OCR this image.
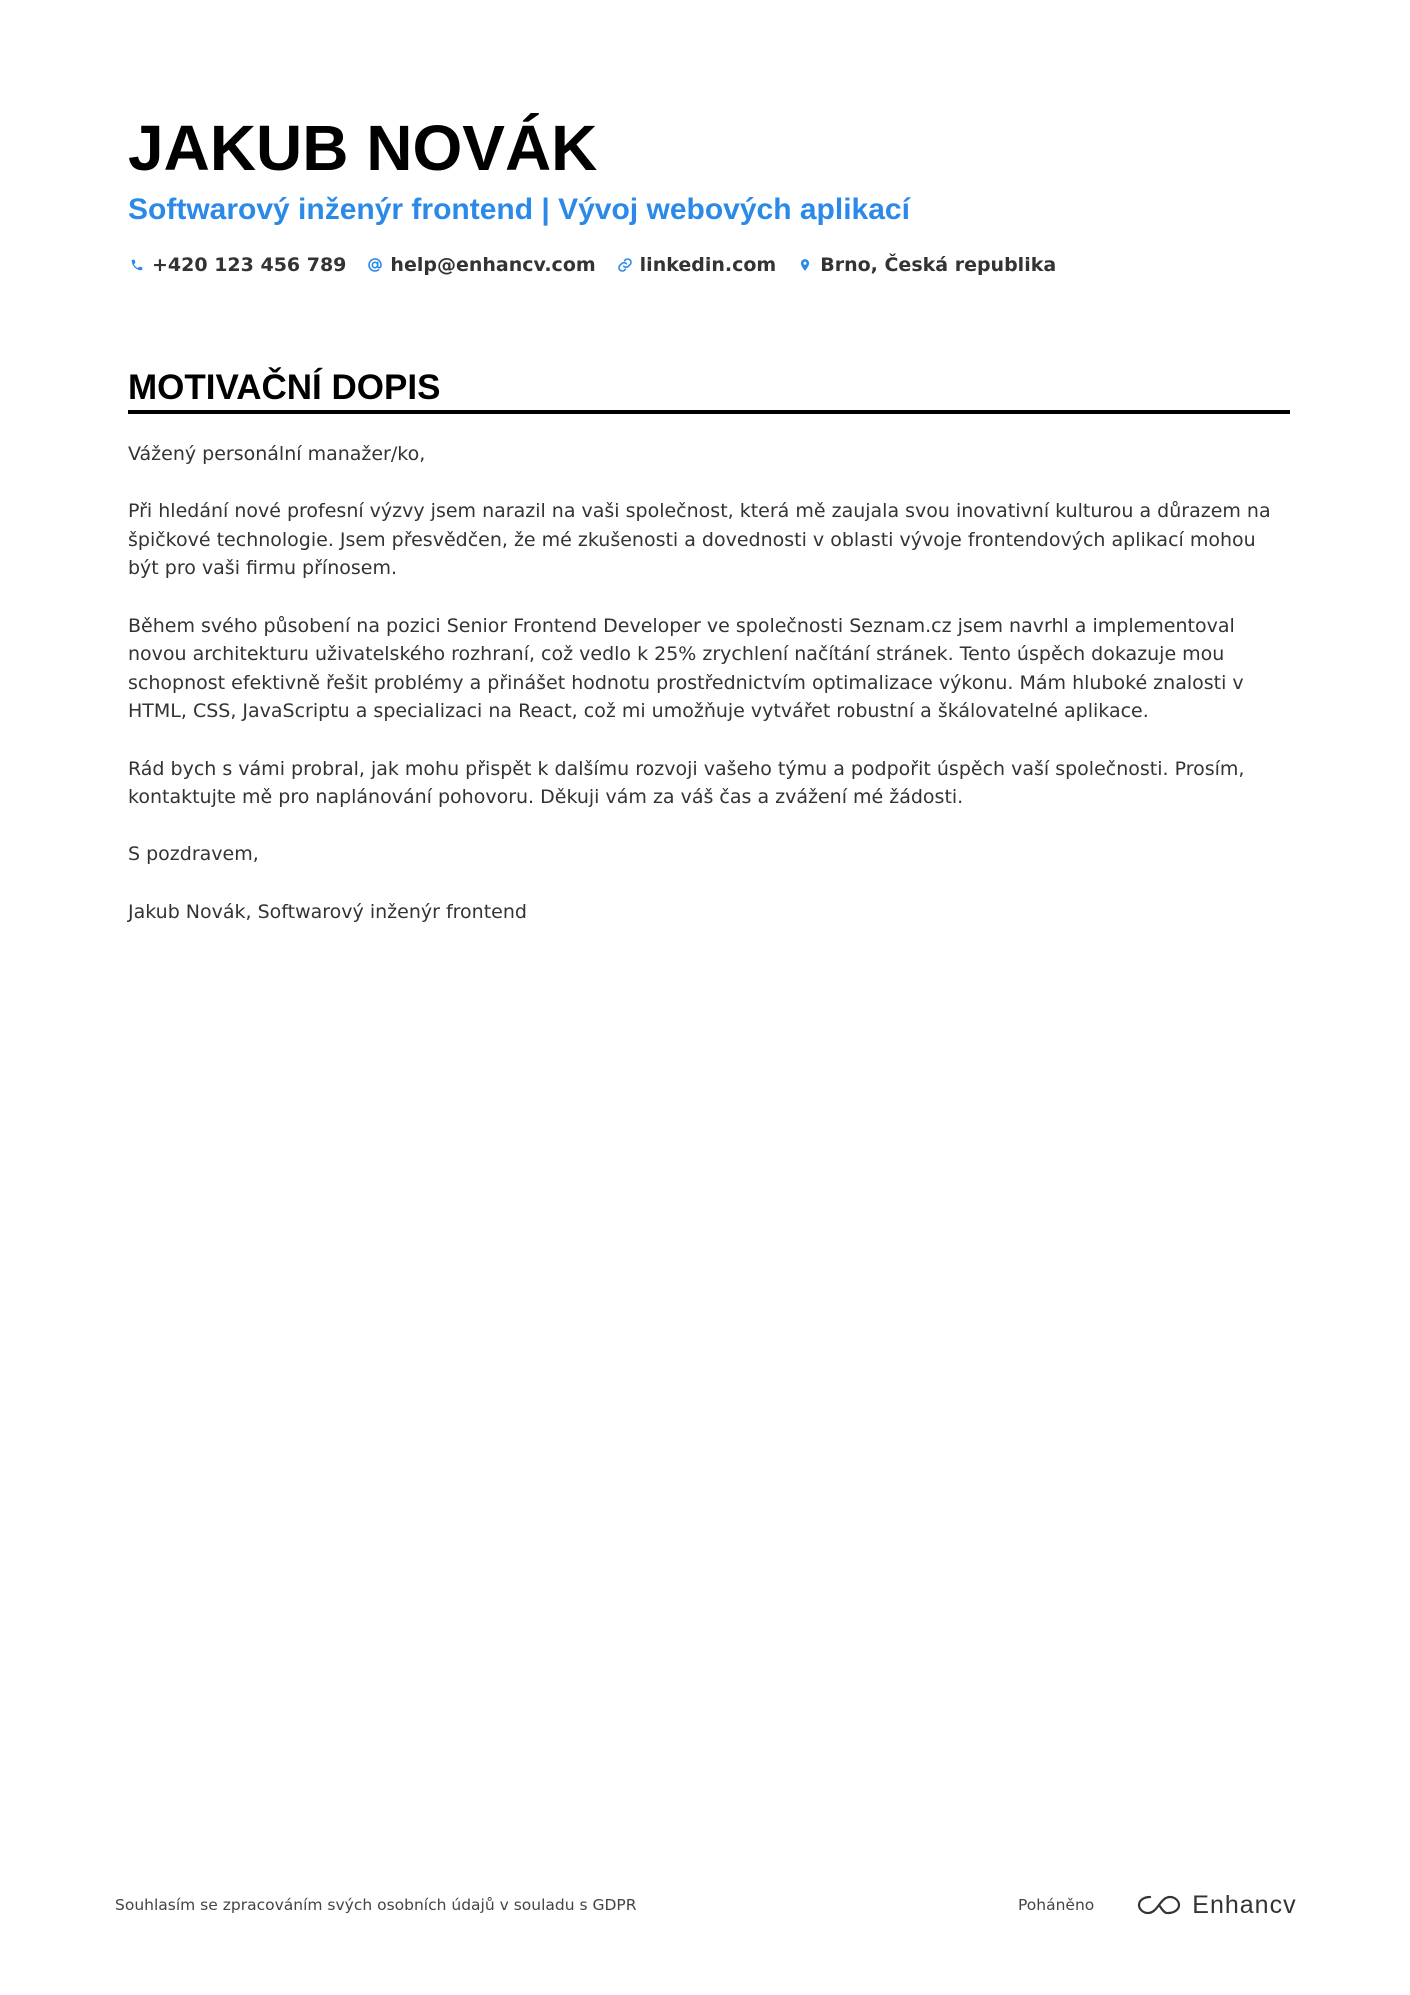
JAKUB NOVÁK
Softwarový inženýr frontend | Vývoj webových aplikací
+420 123 456 789 help@enhancv.com linkedin.com Brno, Česká republika
MOTIVAČNÍ DOPIS

Vážený personální manažer/ko,

Při hledání nové profesní výzvy jsem narazil na vaši společnost, která mě zaujala svou inovativní kulturou a důrazem na špičkové technologie. Jsem přesvědčen, že mé zkušenosti a dovednosti v oblasti vývoje frontendových aplikací mohou být pro vaši firmu přínosem.

Během svého působení na pozici Senior Frontend Developer ve společnosti Seznam.cz jsem navrhl a implementoval novou architekturu uživatelského rozhraní, což vedlo k 25% zrychlení načítání stránek. Tento úspěch dokazuje mou schopnost efektivně řešit problémy a přinášet hodnotu prostřednictvím optimalizace výkonu. Mám hluboké znalosti v HTML, CSS, JavaScriptu a specializaci na React, což mi umožňuje vytvářet robustní a škálovatelné aplikace.

Rád bych s vámi probral, jak mohu přispět k dalšímu rozvoji vašeho týmu a podpořit úspěch vaší společnosti. Prosím, kontaktujte mě pro naplánování pohovoru. Děkuji vám za váš čas a zvážení mé žádosti.

S pozdravem,

Jakub Novák, Softwarový inženýr frontend

Souhlasím se zpracováním svých osobních údajů v souladu s GDPR	Poháněno	Enhancv
